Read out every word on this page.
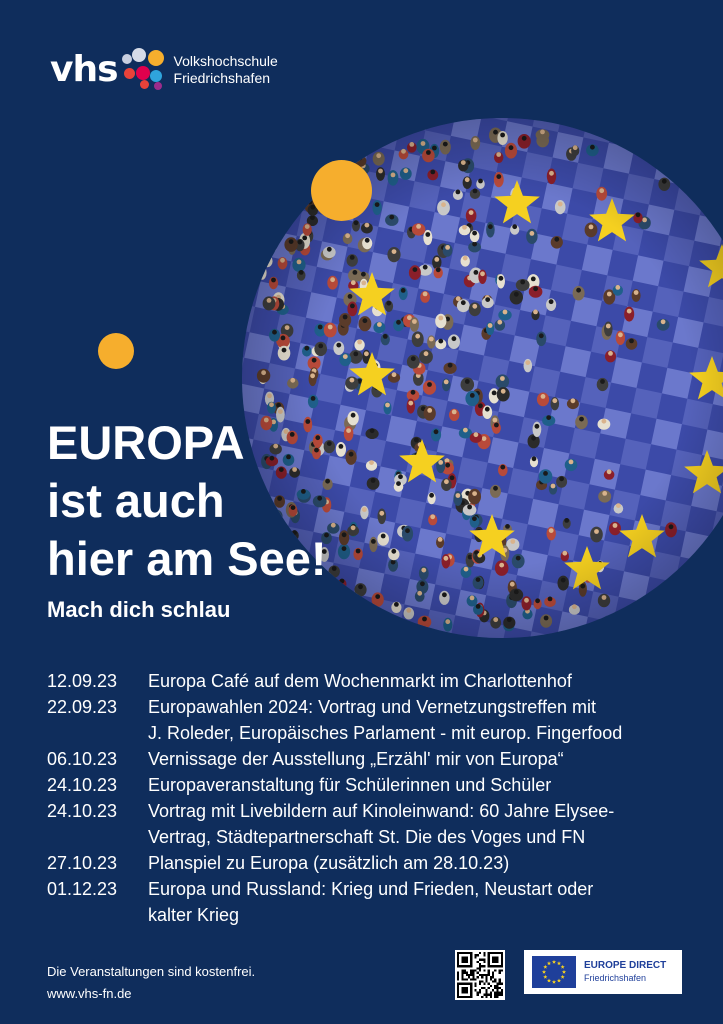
vhs	Volkshochschule
Friedrichshafen
EUROPA
ist auch
hier am See!

Mach dich schlau

12.09.23	Europa Café auf dem Wochenmarkt im Charlottenhof
22.09.23	Europawahlen 2024: Vortrag und Vernetzungstreffen mit
J. Roleder, Europäisches Parlament - mit europ. Fingerfood
06.10.23	Vernissage der Ausstellung „Erzähl' mir von Europa“
24.10.23	Europaveranstaltung für Schülerinnen und Schüler
24.10.23	Vortrag mit Livebildern auf Kinoleinwand: 60 Jahre Elysee-
Vertrag, Städtepartnerschaft St. Die des Voges und FN
27.10.23	Planspiel zu Europa (zusätzlich am 28.10.23)
01.12.23	Europa und Russland: Krieg und Frieden, Neustart oder
kalter Krieg
Die Veranstaltungen sind kostenfrei.
www.vhs-fn.de
EUROPE DIRECT
Friedrichshafen
